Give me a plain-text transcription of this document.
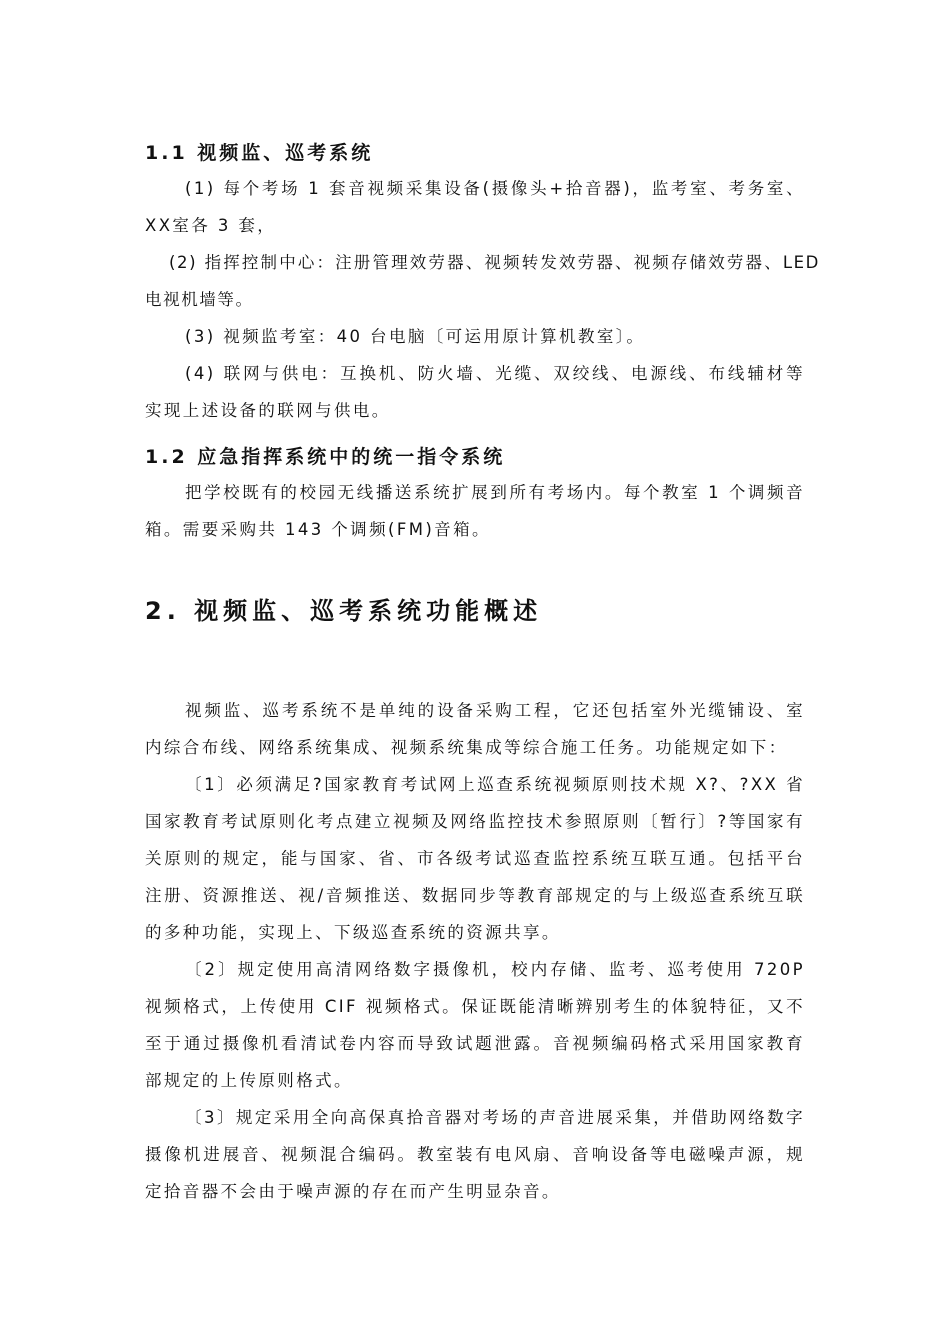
1.1 视频监、巡考系统

(1) 每个考场 1 套音视频采集设备(摄像头+拾音器)，监考室、考务室、XX室各 3 套，

(2) 指挥控制中心：注册管理效劳器、视频转发效劳器、视频存储效劳器、LED 电视机墙等。

(3) 视频监考室：40 台电脑〔可运用原计算机教室〕。

(4) 联网与供电：互换机、防火墙、光缆、双绞线、电源线、布线辅材等实现上述设备的联网与供电。

1.2 应急指挥系统中的统一指令系统

把学校既有的校园无线播送系统扩展到所有考场内。每个教室 1 个调频音箱。需要采购共 143 个调频(FM)音箱。

2. 视频监、巡考系统功能概述

视频监、巡考系统不是单纯的设备采购工程，它还包括室外光缆铺设、室内综合布线、网络系统集成、视频系统集成等综合施工任务。功能规定如下：

〔1〕必须满足?国家教育考试网上巡查系统视频原则技术规 X?、?XX 省国家教育考试原则化考点建立视频及网络监控技术参照原则〔暂行〕?等国家有关原则的规定，能与国家、省、市各级考试巡查监控系统互联互通。包括平台注册、资源推送、视/音频推送、数据同步等教育部规定的与上级巡查系统互联的多种功能，实现上、下级巡查系统的资源共享。

〔2〕规定使用高清网络数字摄像机，校内存储、监考、巡考使用 720P 视频格式，上传使用 CIF 视频格式。保证既能清晰辨别考生的体貌特征，又不至于通过摄像机看清试卷内容而导致试题泄露。音视频编码格式采用国家教育部规定的上传原则格式。

〔3〕规定采用全向高保真拾音器对考场的声音进展采集，并借助网络数字摄像机进展音、视频混合编码。教室装有电风扇、音响设备等电磁噪声源，规定拾音器不会由于噪声源的存在而产生明显杂音。
